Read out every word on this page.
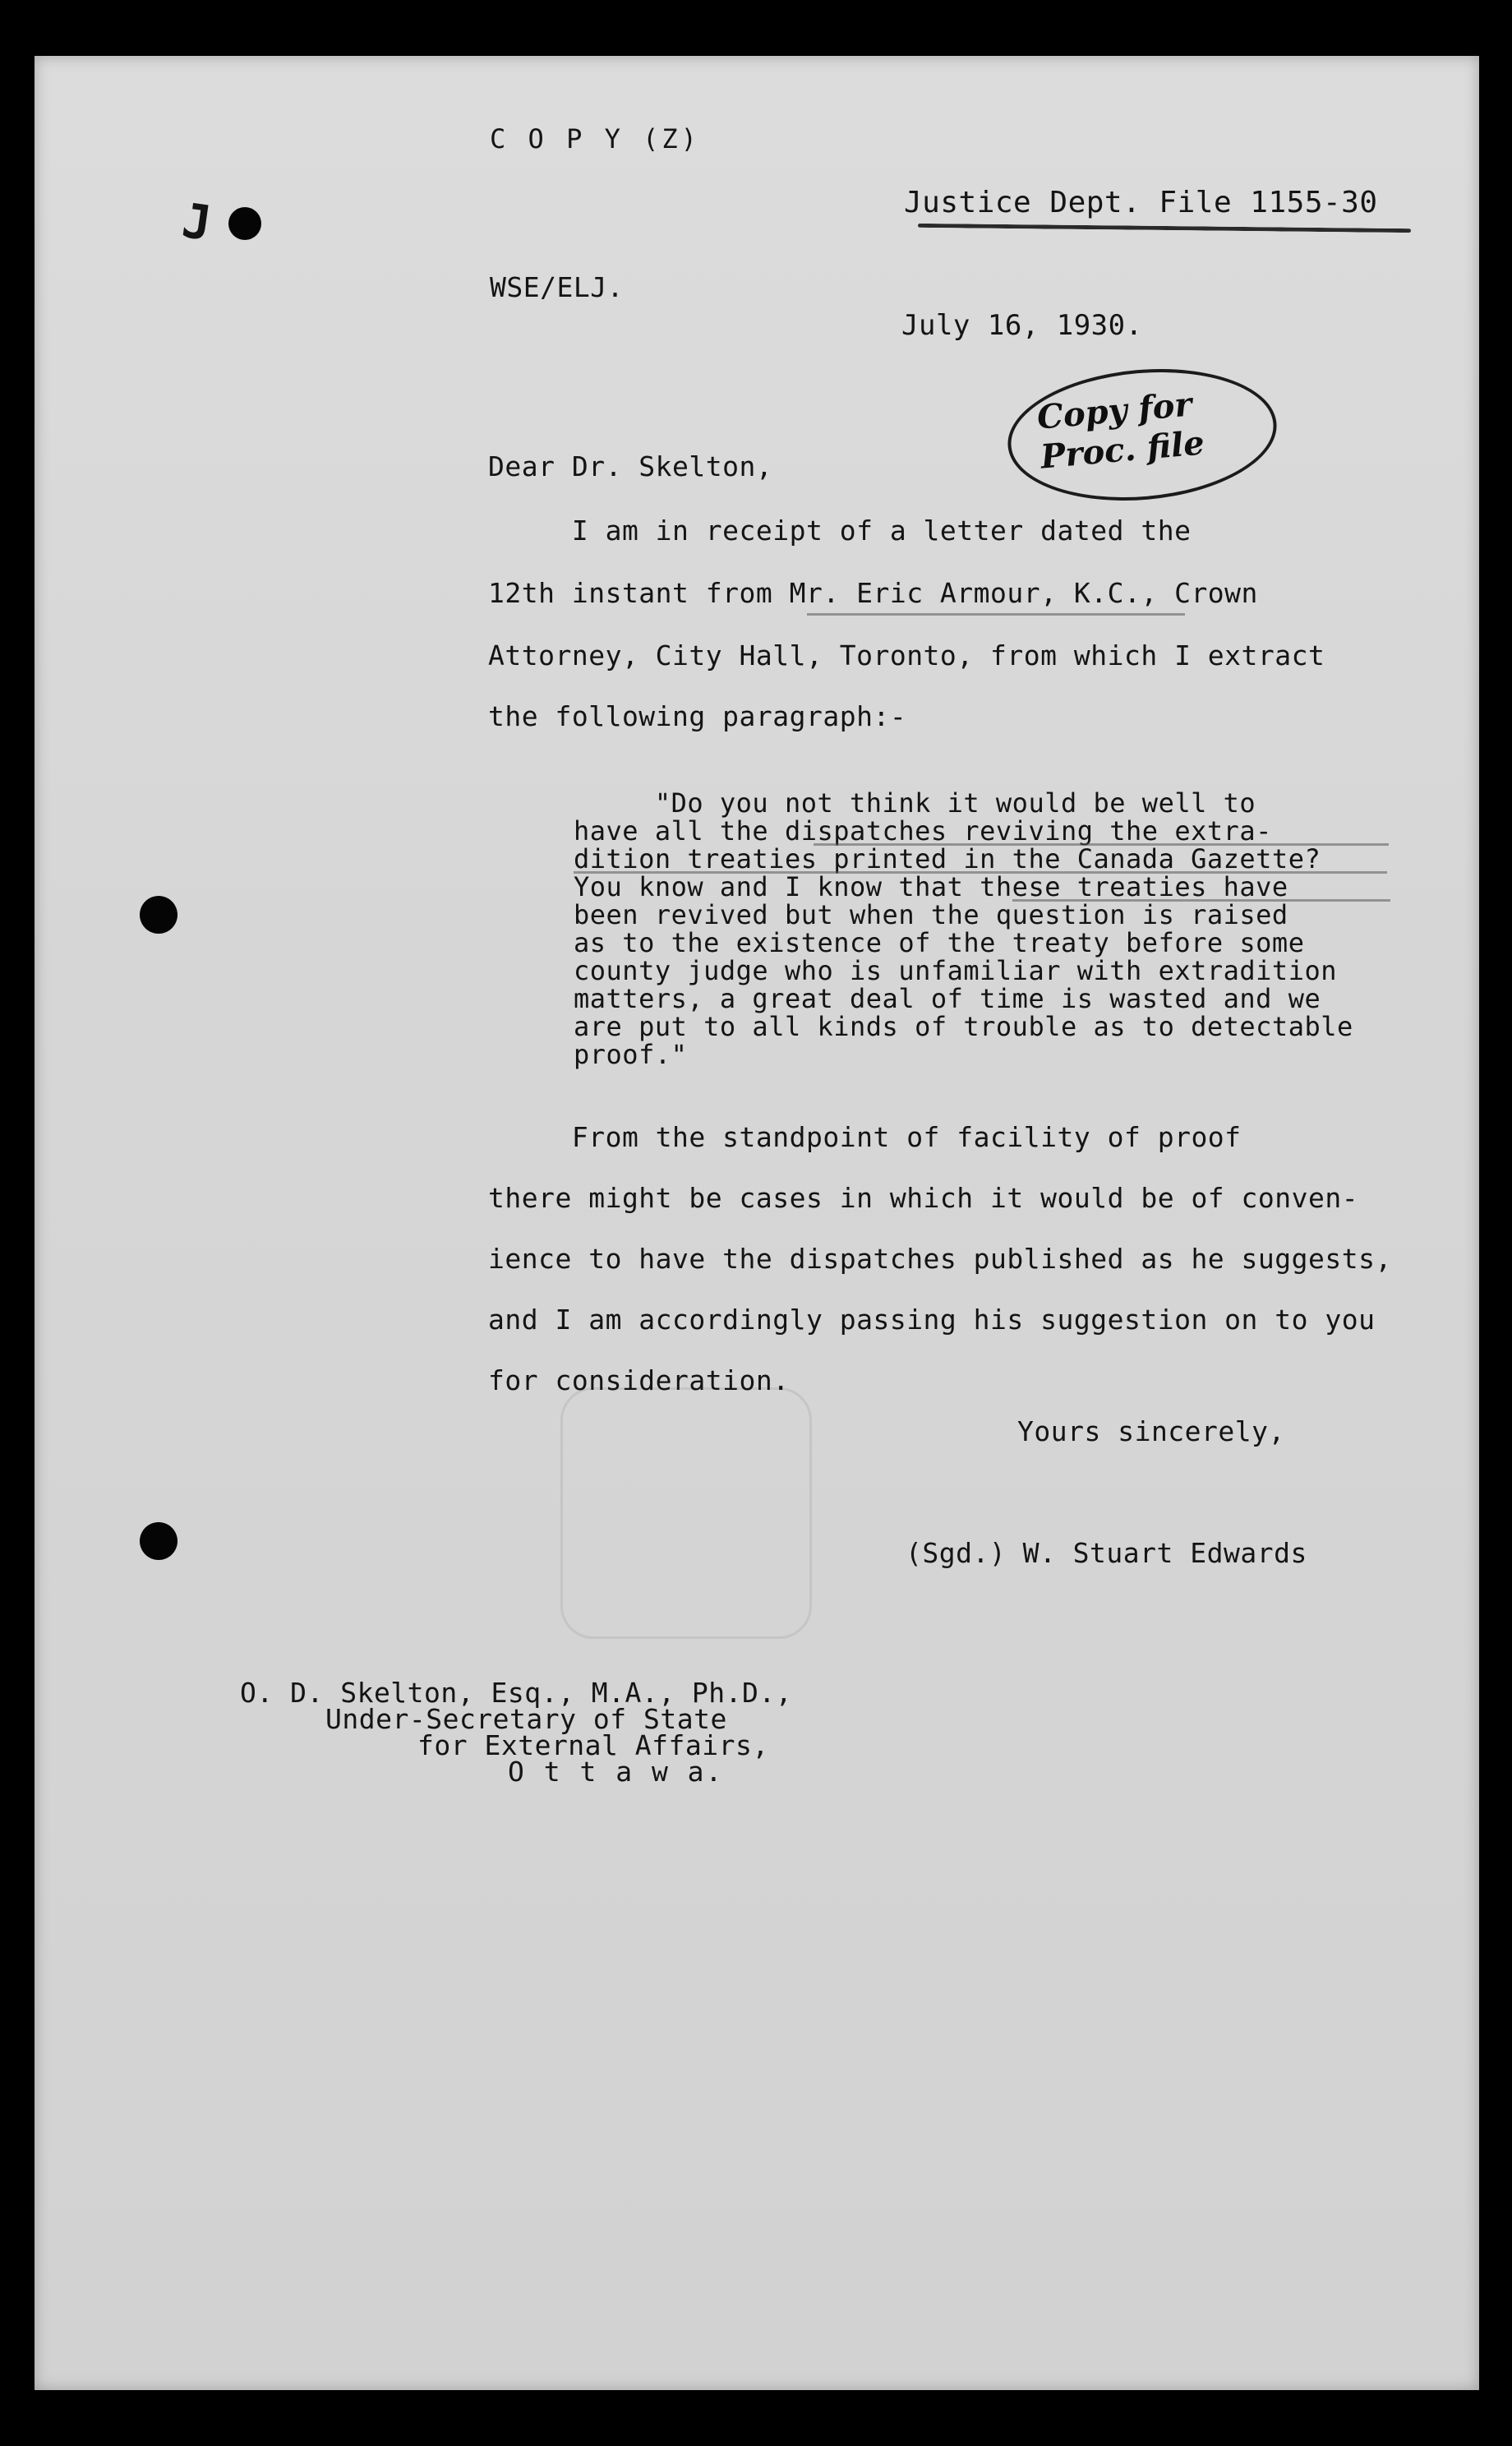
C O P Y (Z)
J	Justice Dept. File 1155-30
WSE/ELJ.
July 16, 1930.
Copy for
Proc. file
Dear Dr. Skelton,
I am in receipt of a letter dated the
12th instant from Mr. Eric Armour, K.C., Crown
Attorney, City Hall, Toronto, from which I extract
the following paragraph:-
"Do you not think it would be well to
have all the dispatches reviving the extra-
dition treaties printed in the Canada Gazette?
You know and I know that these treaties have
been revived but when the question is raised
as to the existence of the treaty before some
county judge who is unfamiliar with extradition
matters, a great deal of time is wasted and we
are put to all kinds of trouble as to detectable
proof."
From the standpoint of facility of proof
there might be cases in which it would be of conven-
ience to have the dispatches published as he suggests,
and I am accordingly passing his suggestion on to you
for consideration.
Yours sincerely,
(Sgd.) W. Stuart Edwards
O. D. Skelton, Esq., M.A., Ph.D.,
Under-Secretary of State
for External Affairs,
O t t a w a.
